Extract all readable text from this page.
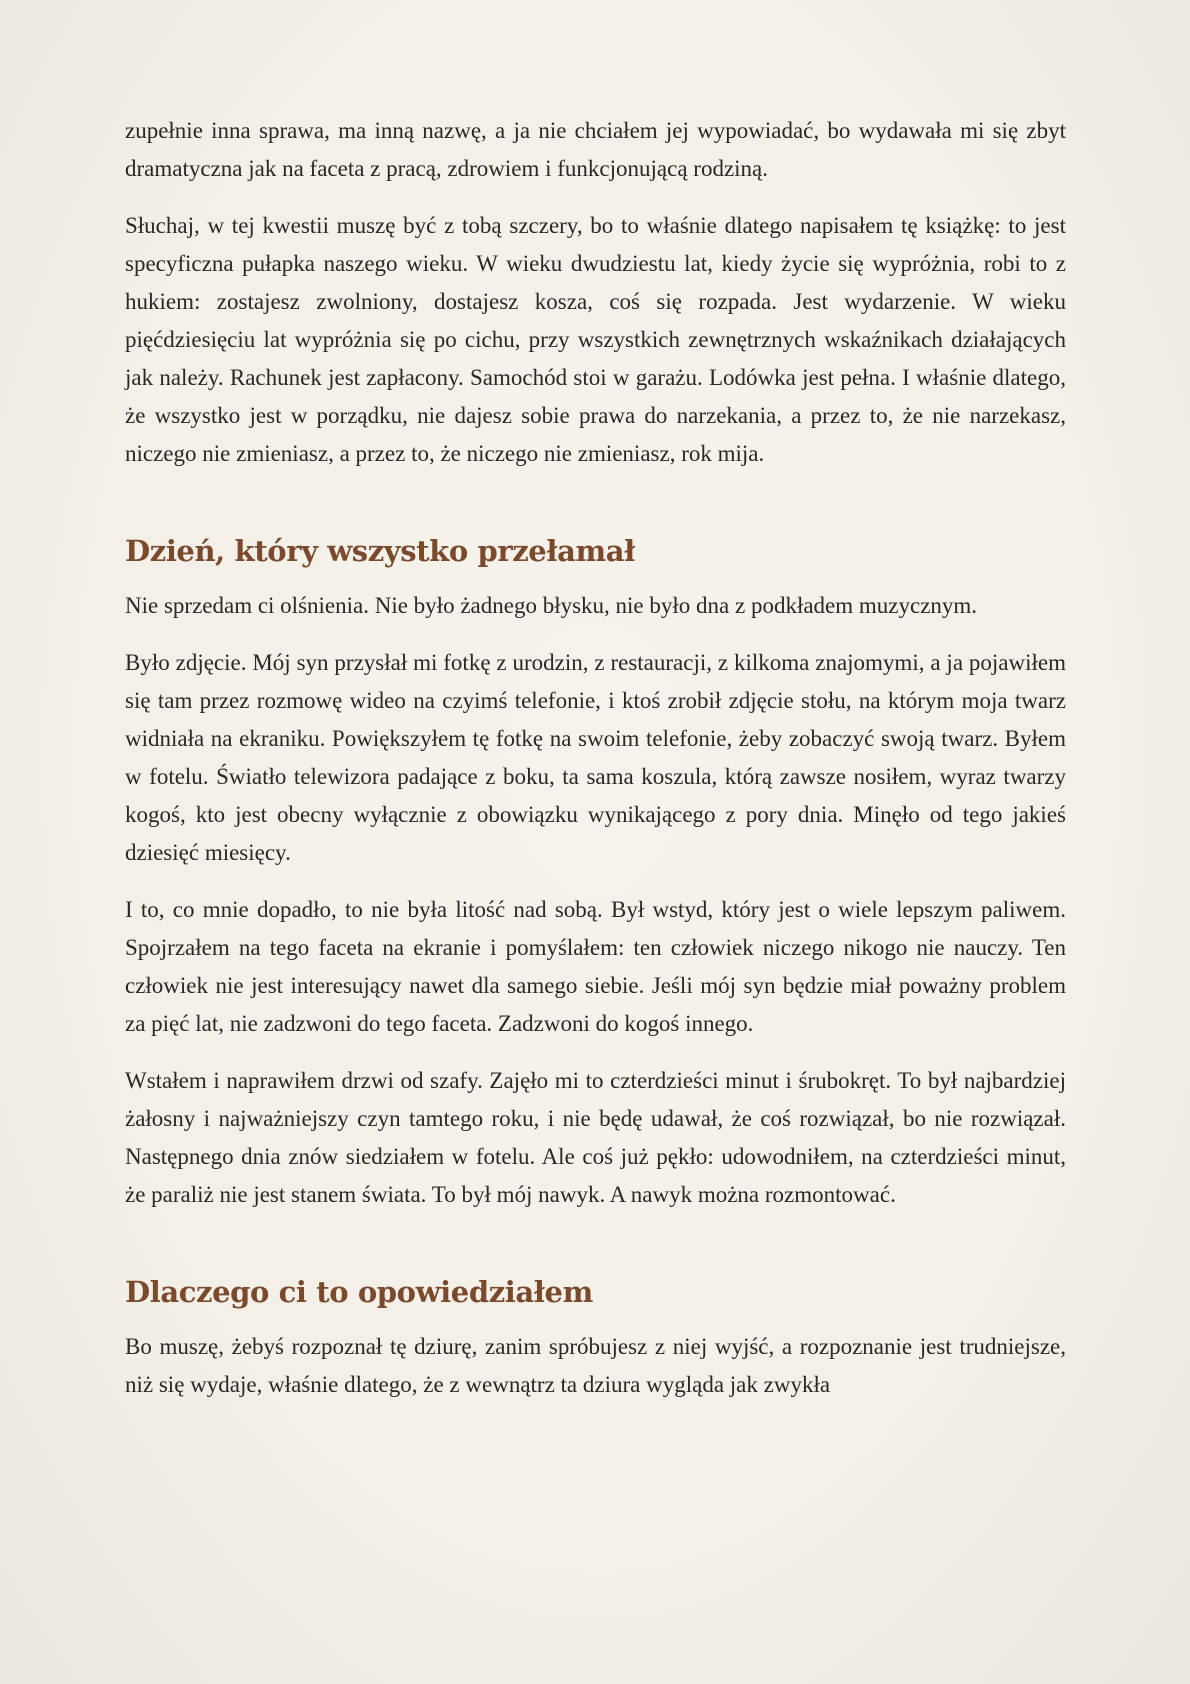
zupełnie inna sprawa, ma inną nazwę, a ja nie chciałem jej wypowiadać, bo wydawała mi się zbyt dramatyczna jak na faceta z pracą, zdrowiem i funkcjonującą rodziną.

Słuchaj, w tej kwestii muszę być z tobą szczery, bo to właśnie dlatego napisałem tę książkę: to jest specyficzna pułapka naszego wieku. W wieku dwudziestu lat, kiedy życie się wypróżnia, robi to z hukiem: zostajesz zwolniony, dostajesz kosza, coś się rozpada. Jest wydarzenie. W wieku pięćdziesięciu lat wypróżnia się po cichu, przy wszystkich zewnętrznych wskaźnikach działających jak należy. Rachunek jest zapłacony. Samochód stoi w garażu. Lodówka jest pełna. I właśnie dlatego, że wszystko jest w porządku, nie dajesz sobie prawa do narzekania, a przez to, że nie narzekasz, niczego nie zmieniasz, a przez to, że niczego nie zmieniasz, rok mija.

Dzień, który wszystko przełamał

Nie sprzedam ci olśnienia. Nie było żadnego błysku, nie było dna z podkładem muzycznym.

Było zdjęcie. Mój syn przysłał mi fotkę z urodzin, z restauracji, z kilkoma znajomymi, a ja pojawiłem się tam przez rozmowę wideo na czyimś telefonie, i ktoś zrobił zdjęcie stołu, na którym moja twarz widniała na ekraniku. Powiększyłem tę fotkę na swoim telefonie, żeby zobaczyć swoją twarz. Byłem w fotelu. Światło telewizora padające z boku, ta sama koszula, którą zawsze nosiłem, wyraz twarzy kogoś, kto jest obecny wyłącznie z obowiązku wynikającego z pory dnia. Minęło od tego jakieś dziesięć miesięcy.

I to, co mnie dopadło, to nie była litość nad sobą. Był wstyd, który jest o wiele lepszym paliwem. Spojrzałem na tego faceta na ekranie i pomyślałem: ten człowiek niczego nikogo nie nauczy. Ten człowiek nie jest interesujący nawet dla samego siebie. Jeśli mój syn będzie miał poważny problem za pięć lat, nie zadzwoni do tego faceta. Zadzwoni do kogoś innego.

Wstałem i naprawiłem drzwi od szafy. Zajęło mi to czterdzieści minut i śrubokręt. To był najbardziej żałosny i najważniejszy czyn tamtego roku, i nie będę udawał, że coś rozwiązał, bo nie rozwiązał. Następnego dnia znów siedziałem w fotelu. Ale coś już pękło: udowodniłem, na czterdzieści minut, że paraliż nie jest stanem świata. To był mój nawyk. A nawyk można rozmontować.

Dlaczego ci to opowiedziałem

Bo muszę, żebyś rozpoznał tę dziurę, zanim spróbujesz z niej wyjść, a rozpoznanie jest trudniejsze, niż się wydaje, właśnie dlatego, że z wewnątrz ta dziura wygląda jak zwykła
